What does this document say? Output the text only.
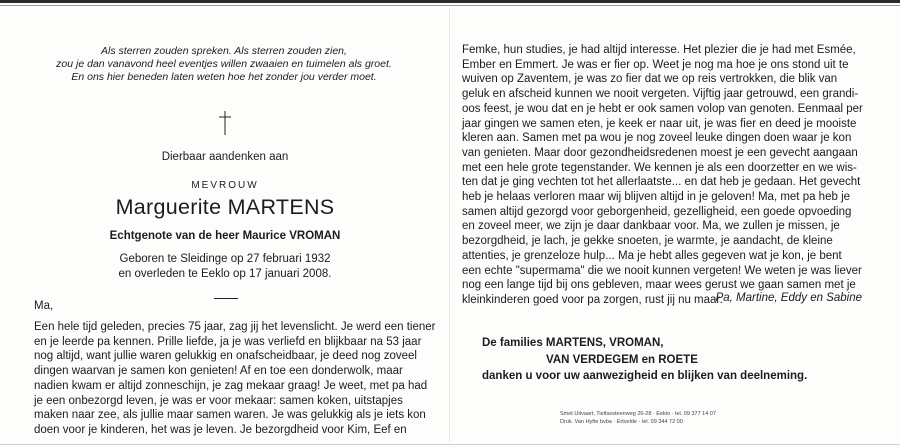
Als sterren zouden spreken. Als sterren zouden zien,
zou je dan vanavond heel eventjes willen zwaaien en tuimelen als groet.
En ons hier beneden laten weten hoe het zonder jou verder moet.
Dierbaar aandenken aan
MEVROUW
Marguerite MARTENS
Echtgenote van de heer Maurice VROMAN
Geboren te Sleidinge op 27 februari 1932
en overleden te Eeklo op 17 januari 2008.
Ma,
Een hele tijd geleden, precies 75 jaar, zag jij het levenslicht. Je werd een tiener
en je leerde pa kennen. Prille liefde, ja je was verliefd en blijkbaar na 53 jaar
nog altijd, want jullie waren gelukkig en onafscheidbaar, je deed nog zoveel
dingen waarvan je samen kon genieten! Af en toe een donderwolk, maar
nadien kwam er altijd zonneschijn, je zag mekaar graag! Je weet, met pa had
je een onbezorgd leven, je was er voor mekaar: samen koken, uitstapjes
maken naar zee, als jullie maar samen waren. Je was gelukkig als je iets kon
doen voor je kinderen, het was je leven. Je bezorgdheid voor Kim, Eef en
Femke, hun studies, je had altijd interesse. Het plezier die je had met Esmée,
Ember en Emmert. Je was er fier op. Weet je nog ma hoe je ons stond uit te
wuiven op Zaventem, je was zo fier dat we op reis vertrokken, die blik van
geluk en afscheid kunnen we nooit vergeten. Vijftig jaar getrouwd, een grandi-
oos feest, je wou dat en je hebt er ook samen volop van genoten. Eenmaal per
jaar gingen we samen eten, je keek er naar uit, je was fier en deed je mooiste
kleren aan. Samen met pa wou je nog zoveel leuke dingen doen waar je kon
van genieten. Maar door gezondheidsredenen moest je een gevecht aangaan
met een hele grote tegenstander. We kennen je als een doorzetter en we wis-
ten dat je ging vechten tot het allerlaatste... en dat heb je gedaan. Het gevecht
heb je helaas verloren maar wij blijven altijd in je geloven! Ma, met pa heb je
samen altijd gezorgd voor geborgenheid, gezelligheid, een goede opvoeding
en zoveel meer, we zijn je daar dankbaar voor. Ma, we zullen je missen, je
bezorgdheid, je lach, je gekke snoeten, je warmte, je aandacht, de kleine
attenties, je grenzeloze hulp... Ma je hebt alles gegeven wat je kon, je bent
een echte "supermama" die we nooit kunnen vergeten! We weten je was liever
nog een lange tijd bij ons gebleven, maar wees gerust we gaan samen met je
kleinkinderen goed voor pa zorgen, rust jij nu maar.
Pa, Martine, Eddy en Sabine
De families MARTENS, VROMAN,
VAN VERDEGEM en ROETE
danken u voor uw aanwezigheid en blijken van deelneming.
Smet Uitvaart, Tieltsesteenweg 26-28 · Eeklo · tel. 09 377 14 07
Druk. Van Hyfte bvba · Ertvelde · tel. 09 344 72 00
